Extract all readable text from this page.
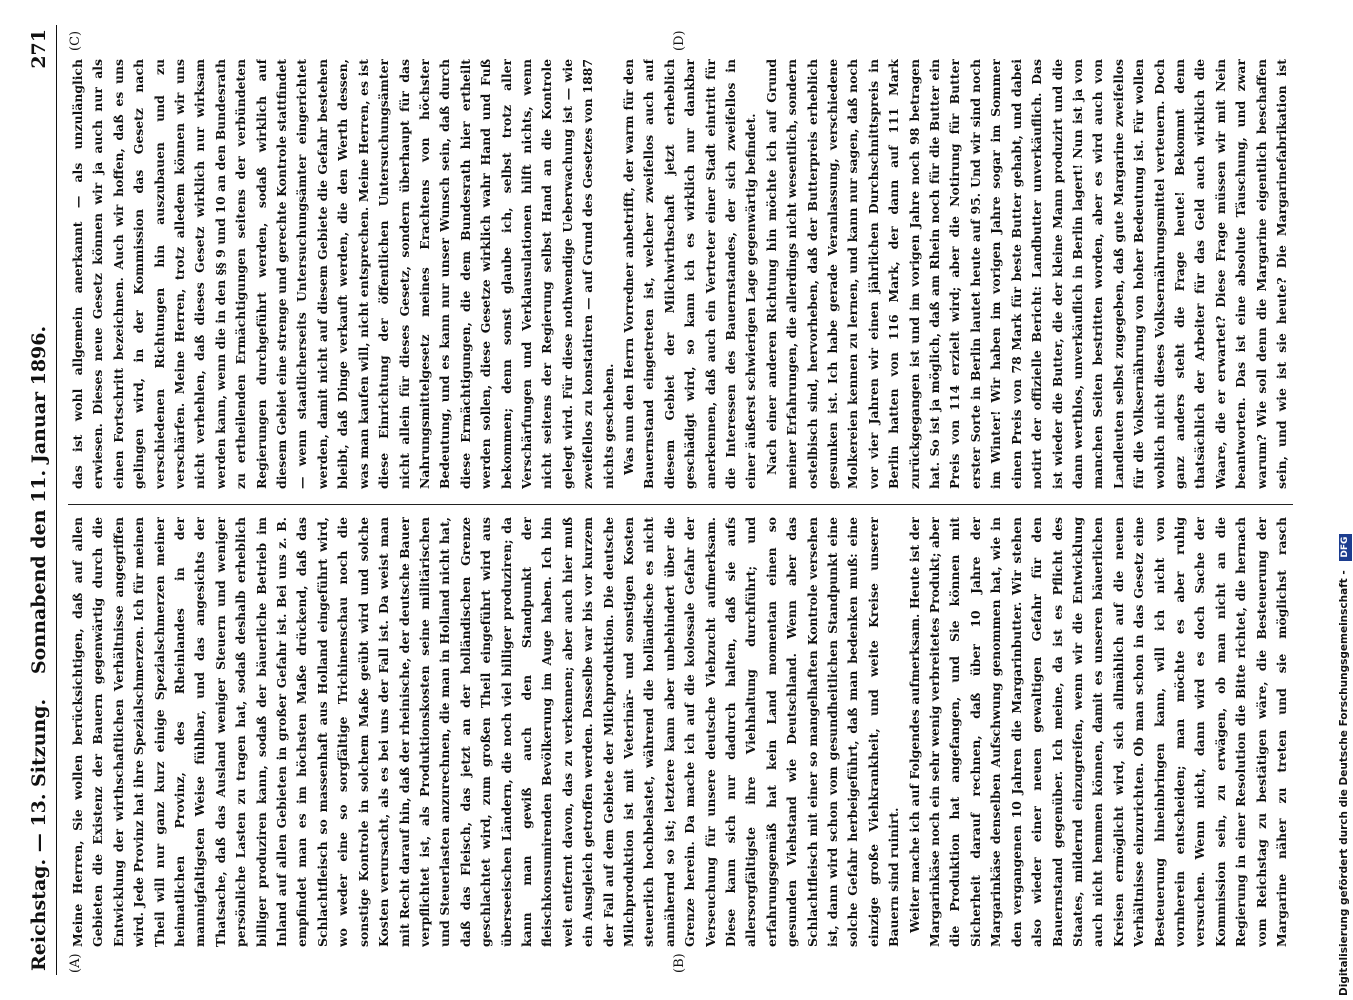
Reichstag. — 13. Sitzung.
Sonnabend den 11. Januar 1896.
271
(A)	(B)
(C)	(D)

Meine Herren, Sie wollen berücksichtigen, daß auf allen Gebieten die Existenz der Bauern gegenwärtig durch die Entwicklung der wirthschaftlichen Verhältnisse angegriffen wird. Jede Provinz hat ihre Spezialschmerzen. Ich für meinen Theil will nur ganz kurz einige Spezialschmerzen meiner heimatlichen Provinz, des Rheinlandes in der mannigfaltigsten Weise fühlbar, und das angesichts der Thatsache, daß das Ausland weniger Steuern und weniger persönliche Lasten zu tragen hat, sodaß deshalb erheblich billiger produziren kann, sodaß der bäuerliche Betrieb im Inland auf allen Gebieten in großer Gefahr ist. Bei uns z. B. empfindet man es im höchsten Maße drückend, daß das Schlachtfleisch so massenhaft aus Holland eingeführt wird, wo weder eine so sorgfältige Trichinenschau noch die sonstige Kontrole in solchem Maße geübt wird und solche Kosten verursacht, als es bei uns der Fall ist. Da weist man mit Recht darauf hin, daß der rheinische, der deutsche Bauer verpflichtet ist, als Produktionskosten seine militärischen und Steuerlasten anzurechnen, die man in Holland nicht hat, daß das Fleisch, das jetzt an der holländischen Grenze geschlachtet wird, zum großen Theil eingeführt wird aus überseeischen Ländern, die noch viel billiger produziren; da kann man gewiß auch den Standpunkt der fleischkonsumirenden Bevölkerung im Auge haben. Ich bin weit entfernt davon, das zu verkennen; aber auch hier muß ein Ausgleich getroffen werden. Dasselbe war bis vor kurzem der Fall auf dem Gebiete der Milchproduktion. Die deutsche Milchproduktion ist mit Veterinär- und sonstigen Kosten steuerlich hochbelastet, während die holländische es nicht annähernd so ist; letztere kann aber unbehindert über die Grenze herein. Da mache ich auf die kolossale Gefahr der Verseuchung für unsere deutsche Viehzucht aufmerksam. Diese kann sich nur dadurch halten, daß sie aufs allersorgfältigste ihre Viehhaltung durchführt; und erfahrungsgemäß hat kein Land momentan einen so gesunden Viehstand wie Deutschland. Wenn aber das Schlachtfleisch mit einer so mangelhaften Kontrole versehen ist, dann wird schon vom gesundheitlichen Standpunkt eine solche Gefahr herbeigeführt, daß man bedenken muß: eine einzige große Viehkrankheit, und weite Kreise unserer Bauern sind ruinirt. Weiter mache ich auf Folgendes aufmerksam. Heute ist der Margarinkäse noch ein sehr wenig verbreitetes Produkt; aber die Produktion hat angefangen, und Sie können mit Sicherheit darauf rechnen, daß über 10 Jahre der Margarinkäse denselben Aufschwung genommen hat, wie in den vergangenen 10 Jahren die Margarinbutter. Wir stehen also wieder einer neuen gewaltigen Gefahr für den Bauernstand gegenüber. Ich meine, da ist es Pflicht des Staates, mildernd einzugreifen, wenn wir die Entwicklung auch nicht hemmen können, damit es unseren bäuerlichen Kreisen ermöglicht wird, sich allmählich auf die neuen Verhältnisse einzurichten. Ob man schon in das Gesetz eine Besteuerung hineinbringen kann, will ich nicht von vornherein entscheiden; man möchte es aber ruhig versuchen. Wenn nicht, dann wird es doch Sache der Kommission sein, zu erwägen, ob man nicht an die Regierung in einer Resolution die Bitte richtet, die hernach vom Reichstag zu bestätigen wäre, die Besteuerung der Margarine näher zu treten und sie möglichst rasch

das ist wohl allgemein anerkannt — als unzulänglich erwiesen. Dieses neue Gesetz können wir ja auch nur als einen Fortschritt bezeichnen. Auch wir hoffen, daß es uns gelingen wird, in der Kommission das Gesetz nach verschiedenen Richtungen hin auszubauen und zu verschärfen. Meine Herren, trotz alledem können wir uns nicht verhehlen, daß dieses Gesetz wirklich nur wirksam werden kann, wenn die in den §§ 9 und 10 an den Bundesrath zu ertheilenden Ermächtigungen seitens der verbündeten Regierungen durchgeführt werden, sodaß wirklich auf diesem Gebiet eine strenge und gerechte Kontrole stattfindet — wenn staatlicherseits Untersuchungsämter eingerichtet werden, damit nicht auf diesem Gebiete die Gefahr bestehen bleibt, daß Dinge verkauft werden, die den Werth dessen, was man kaufen will, nicht entsprechen. Meine Herren, es ist diese Einrichtung der öffentlichen Untersuchungsämter nicht allein für dieses Gesetz, sondern überhaupt für das Nahrungsmittelgesetz meines Erachtens von höchster Bedeutung, und es kann nur unser Wunsch sein, daß durch diese Ermächtigungen, die dem Bundesrath hier ertheilt werden sollen, diese Gesetze wirklich wahr Hand und Fuß bekommen; denn sonst glaube ich, selbst trotz aller Verschärfungen und Verklausulationen hilft nichts, wenn nicht seitens der Regierung selbst Hand an die Kontrole gelegt wird. Für diese nothwendige Ueberwachung ist — wie zweifellos zu konstatiren — auf Grund des Gesetzes von 1887 nichts geschehen. Was nun den Herrn Vorredner anbetrifft, der warm für den Bauernstand eingetreten ist, welcher zweifellos auch auf diesem Gebiet der Milchwirthschaft jetzt erheblich geschädigt wird, so kann ich es wirklich nur dankbar anerkennen, daß auch ein Vertreter einer Stadt eintritt für die Interessen des Bauernstandes, der sich zweifellos in einer äußerst schwierigen Lage gegenwärtig befindet. Nach einer anderen Richtung hin möchte ich auf Grund meiner Erfahrungen, die allerdings nicht wesentlich, sondern ostelbisch sind, hervorheben, daß der Butterpreis erheblich gesunken ist. Ich habe gerade Veranlassung, verschiedene Molkereien kennen zu lernen, und kann nur sagen, daß noch vor vier Jahren wir einen jährlichen Durchschnittspreis in Berlin hatten von 116 Mark, der dann auf 111 Mark zurückgegangen ist und im vorigen Jahre noch 98 betragen hat. So ist ja möglich, daß am Rhein noch für die Butter ein Preis von 114 erzielt wird; aber die Notirung für Butter erster Sorte in Berlin lautet heute auf 95. Und wir sind noch im Winter! Wir haben im vorigen Jahre sogar im Sommer einen Preis von 78 Mark für beste Butter gehabt, und dabei notirt der offizielle Bericht: Landbutter unverkäuflich. Das ist wieder die Butter, die der kleine Mann produzirt und die dann werthlos, unverkäuflich in Berlin lagert! Nun ist ja von manchen Seiten bestritten worden, aber es wird auch von Landleuten selbst zugegeben, daß gute Margarine zweifellos für die Volksernährung von hoher Bedeutung ist. Für wollen wohlich nicht dieses Volksernährungsmittel verteuern. Doch ganz anders steht die Frage heute! Bekommt denn thatsächlich der Arbeiter für das Geld auch wirklich die Waare, die er erwartet? Diese Frage müssen wir mit Nein beantworten. Das ist eine absolute Täuschung, und zwar warum? Wie soll denn die Margarine eigentlich beschaffen sein, und wie ist sie heute? Die Margarinefabrikation ist

Digitalisierung gefördert durch die Deutsche Forschungsgemeinschaft - DFG
